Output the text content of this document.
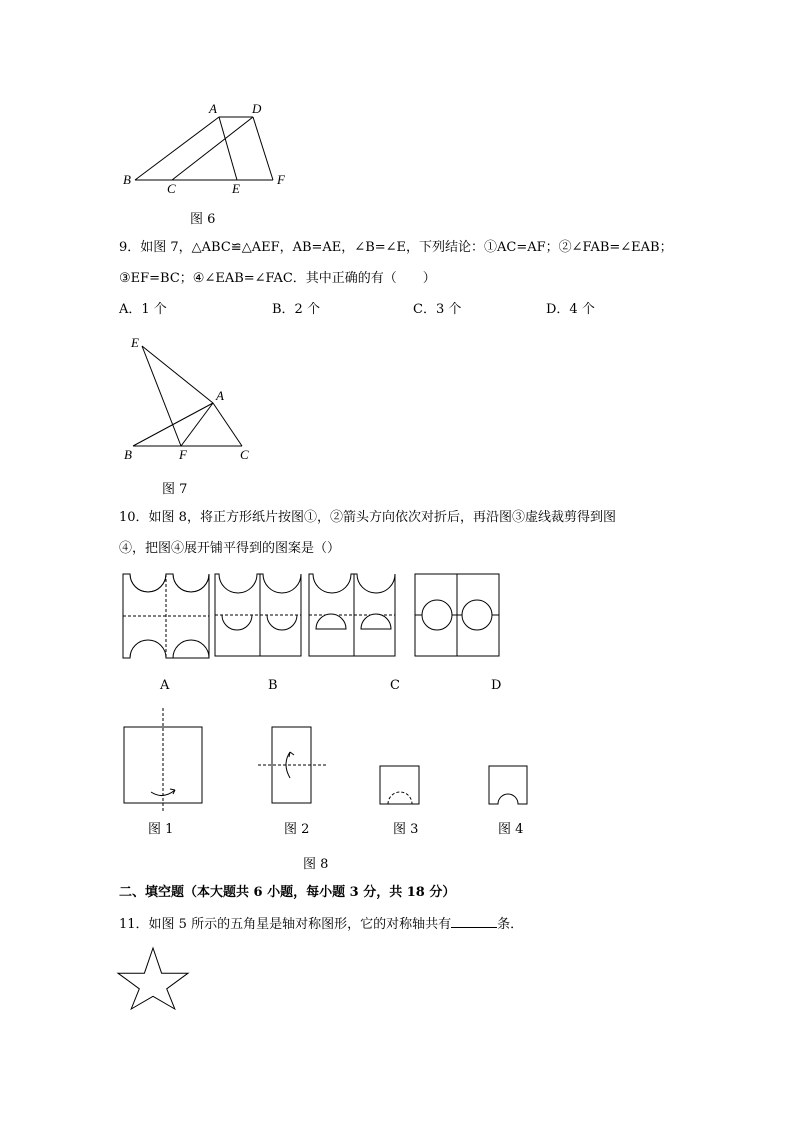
A	D
B
C	E
F
图 6
9．如图 7，△ABC≌△AEF，AB=AE，∠B=∠E，下列结论：①AC=AF；②∠FAB=∠EAB；
③EF=BC；④∠EAB=∠FAC．其中正确的有（　　）
A．1 个	B．2 个	C．3 个	D．4 个
E
A
B	F	C
图 7
10．如图 8，将正方形纸片按图①，②箭头方向依次对折后，再沿图③虚线裁剪得到图
④，把图④展开铺平得到的图案是（）
A	B	C	D
图 1	图 2	图 3	图 4
图 8
二、填空题（本大题共 6 小题，每小题 3 分，共 18 分）
11．如图 5 所示的五角星是轴对称图形，它的对称轴共有	条．
